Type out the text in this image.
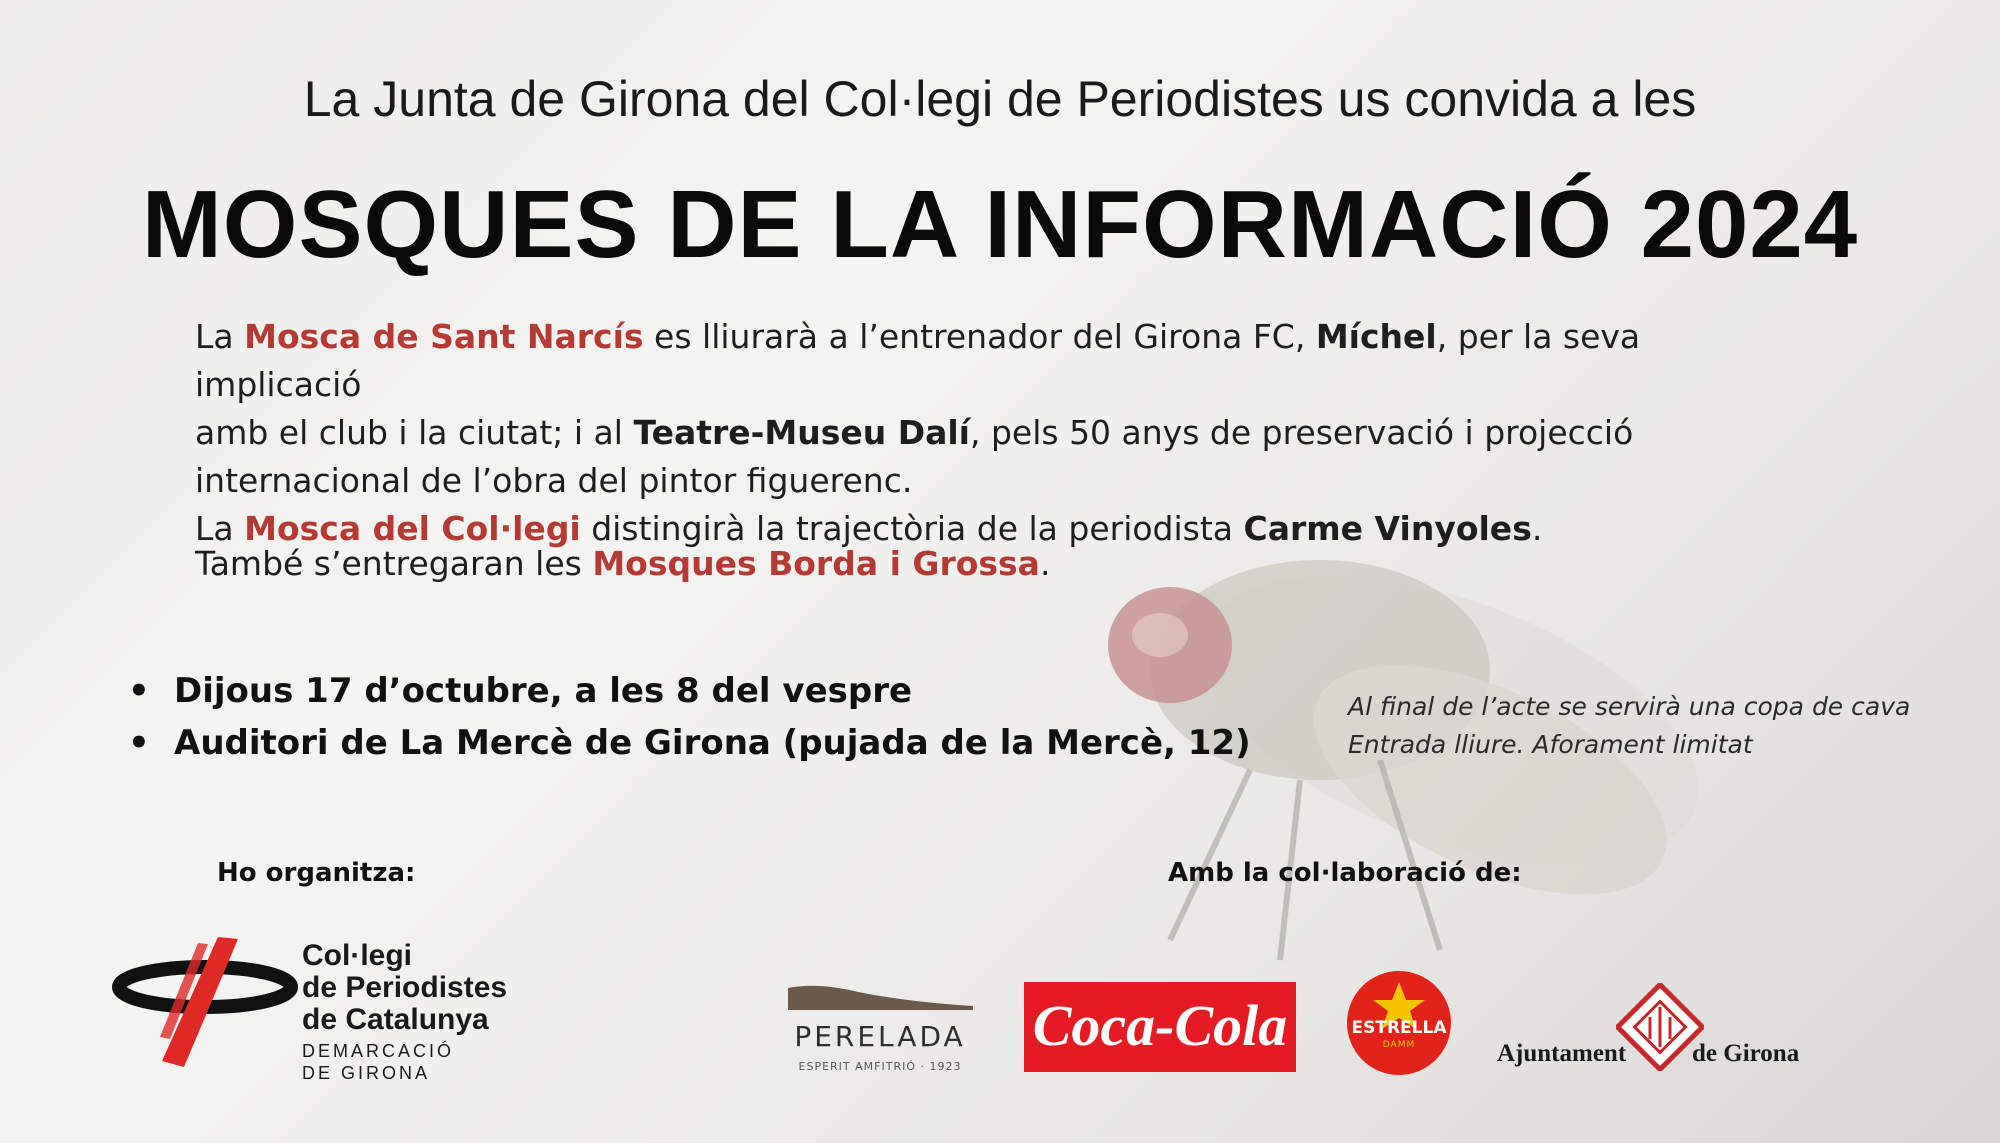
La Junta de Girona del Col·legi de Periodistes us convida a les
MOSQUES DE LA INFORMACIÓ 2024
La Mosca de Sant Narcís es lliurarà a l’entrenador del Girona FC, Míchel, per la seva implicació
amb el club i la ciutat; i al Teatre-Museu Dalí, pels 50 anys de preservació i projecció
internacional de l’obra del pintor figuerenc.
La Mosca del Col·legi distingirà la trajectòria de la periodista Carme Vinyoles.
També s’entregaran les Mosques Borda i Grossa.
• Dijous 17 d’octubre, a les 8 del vespre
• Auditori de La Mercè de Girona (pujada de la Mercè, 12)
Al final de l’acte se servirà una copa de cava
Entrada lliure. Aforament limitat
Ho organitza:	Amb la col·laboració de:
Col·legi
de Periodistes
de Catalunya
DEMARCACIÓ
DE GIRONA
PERELADA
ESPERIT AMFITRIÓ · 1923
Coca-Cola	ESTRELLA
DAMM	Ajuntament	de Girona
